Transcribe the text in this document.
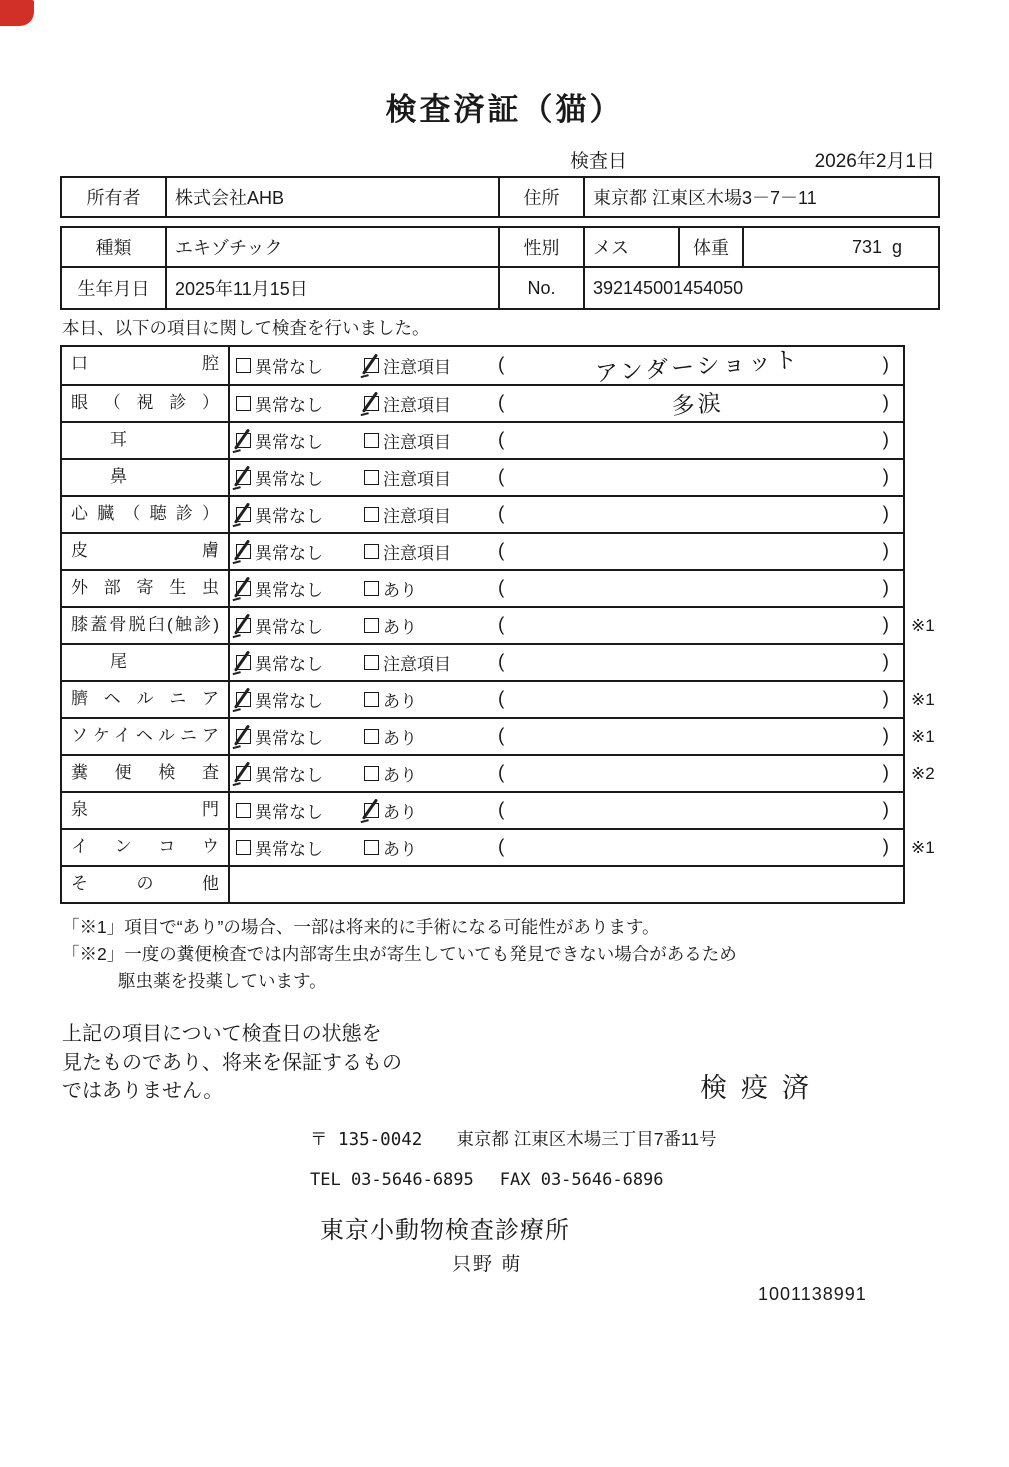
検査済証（猫）
検査日	2026年2月1日
所有者	株式会社AHB	住所	東京都 江東区木場3－7－11
種類	エキゾチック	性別	メス	体重	731 g
生年月日	2025年11月15日	No.	392145001454050
本日、以下の項目に関して検査を行いました。
口腔	異常なし	注意項目 (	アンダーショット	)
眼（視診）	異常なし	注意項目 (	多涙	)
耳	異常なし	注意項目 (	)
鼻	異常なし	注意項目 (	)
心臓（聴診）	異常なし	注意項目 (	)
皮膚	異常なし	注意項目 (	)
外部寄生虫	異常なし	あり	(	)
膝蓋骨脱臼(触診)	異常なし	あり	(	) ※1
尾	異常なし	注意項目 (	)
臍ヘルニア	異常なし	あり	(	) ※1
ソケイヘルニア	異常なし	あり	(	) ※1
糞便検査	異常なし	あり	(	) ※2
泉門	異常なし	あり	(	)
インコウ	異常なし	あり	(	) ※1
その他
「※1」項目で“あり”の場合、一部は将来的に手術になる可能性があります。
「※2」一度の糞便検査では内部寄生虫が寄生していても発見できない場合があるため
駆虫薬を投薬しています。
上記の項目について検査日の状態を
見たものであり、将来を保証するもの
ではありません。	検疫済
〒 135-0042 東京都 江東区木場三丁目7番11号
TEL 03-5646-6895 FAX 03-5646-6896
東京小動物検査診療所
只野 萌
1001138991
